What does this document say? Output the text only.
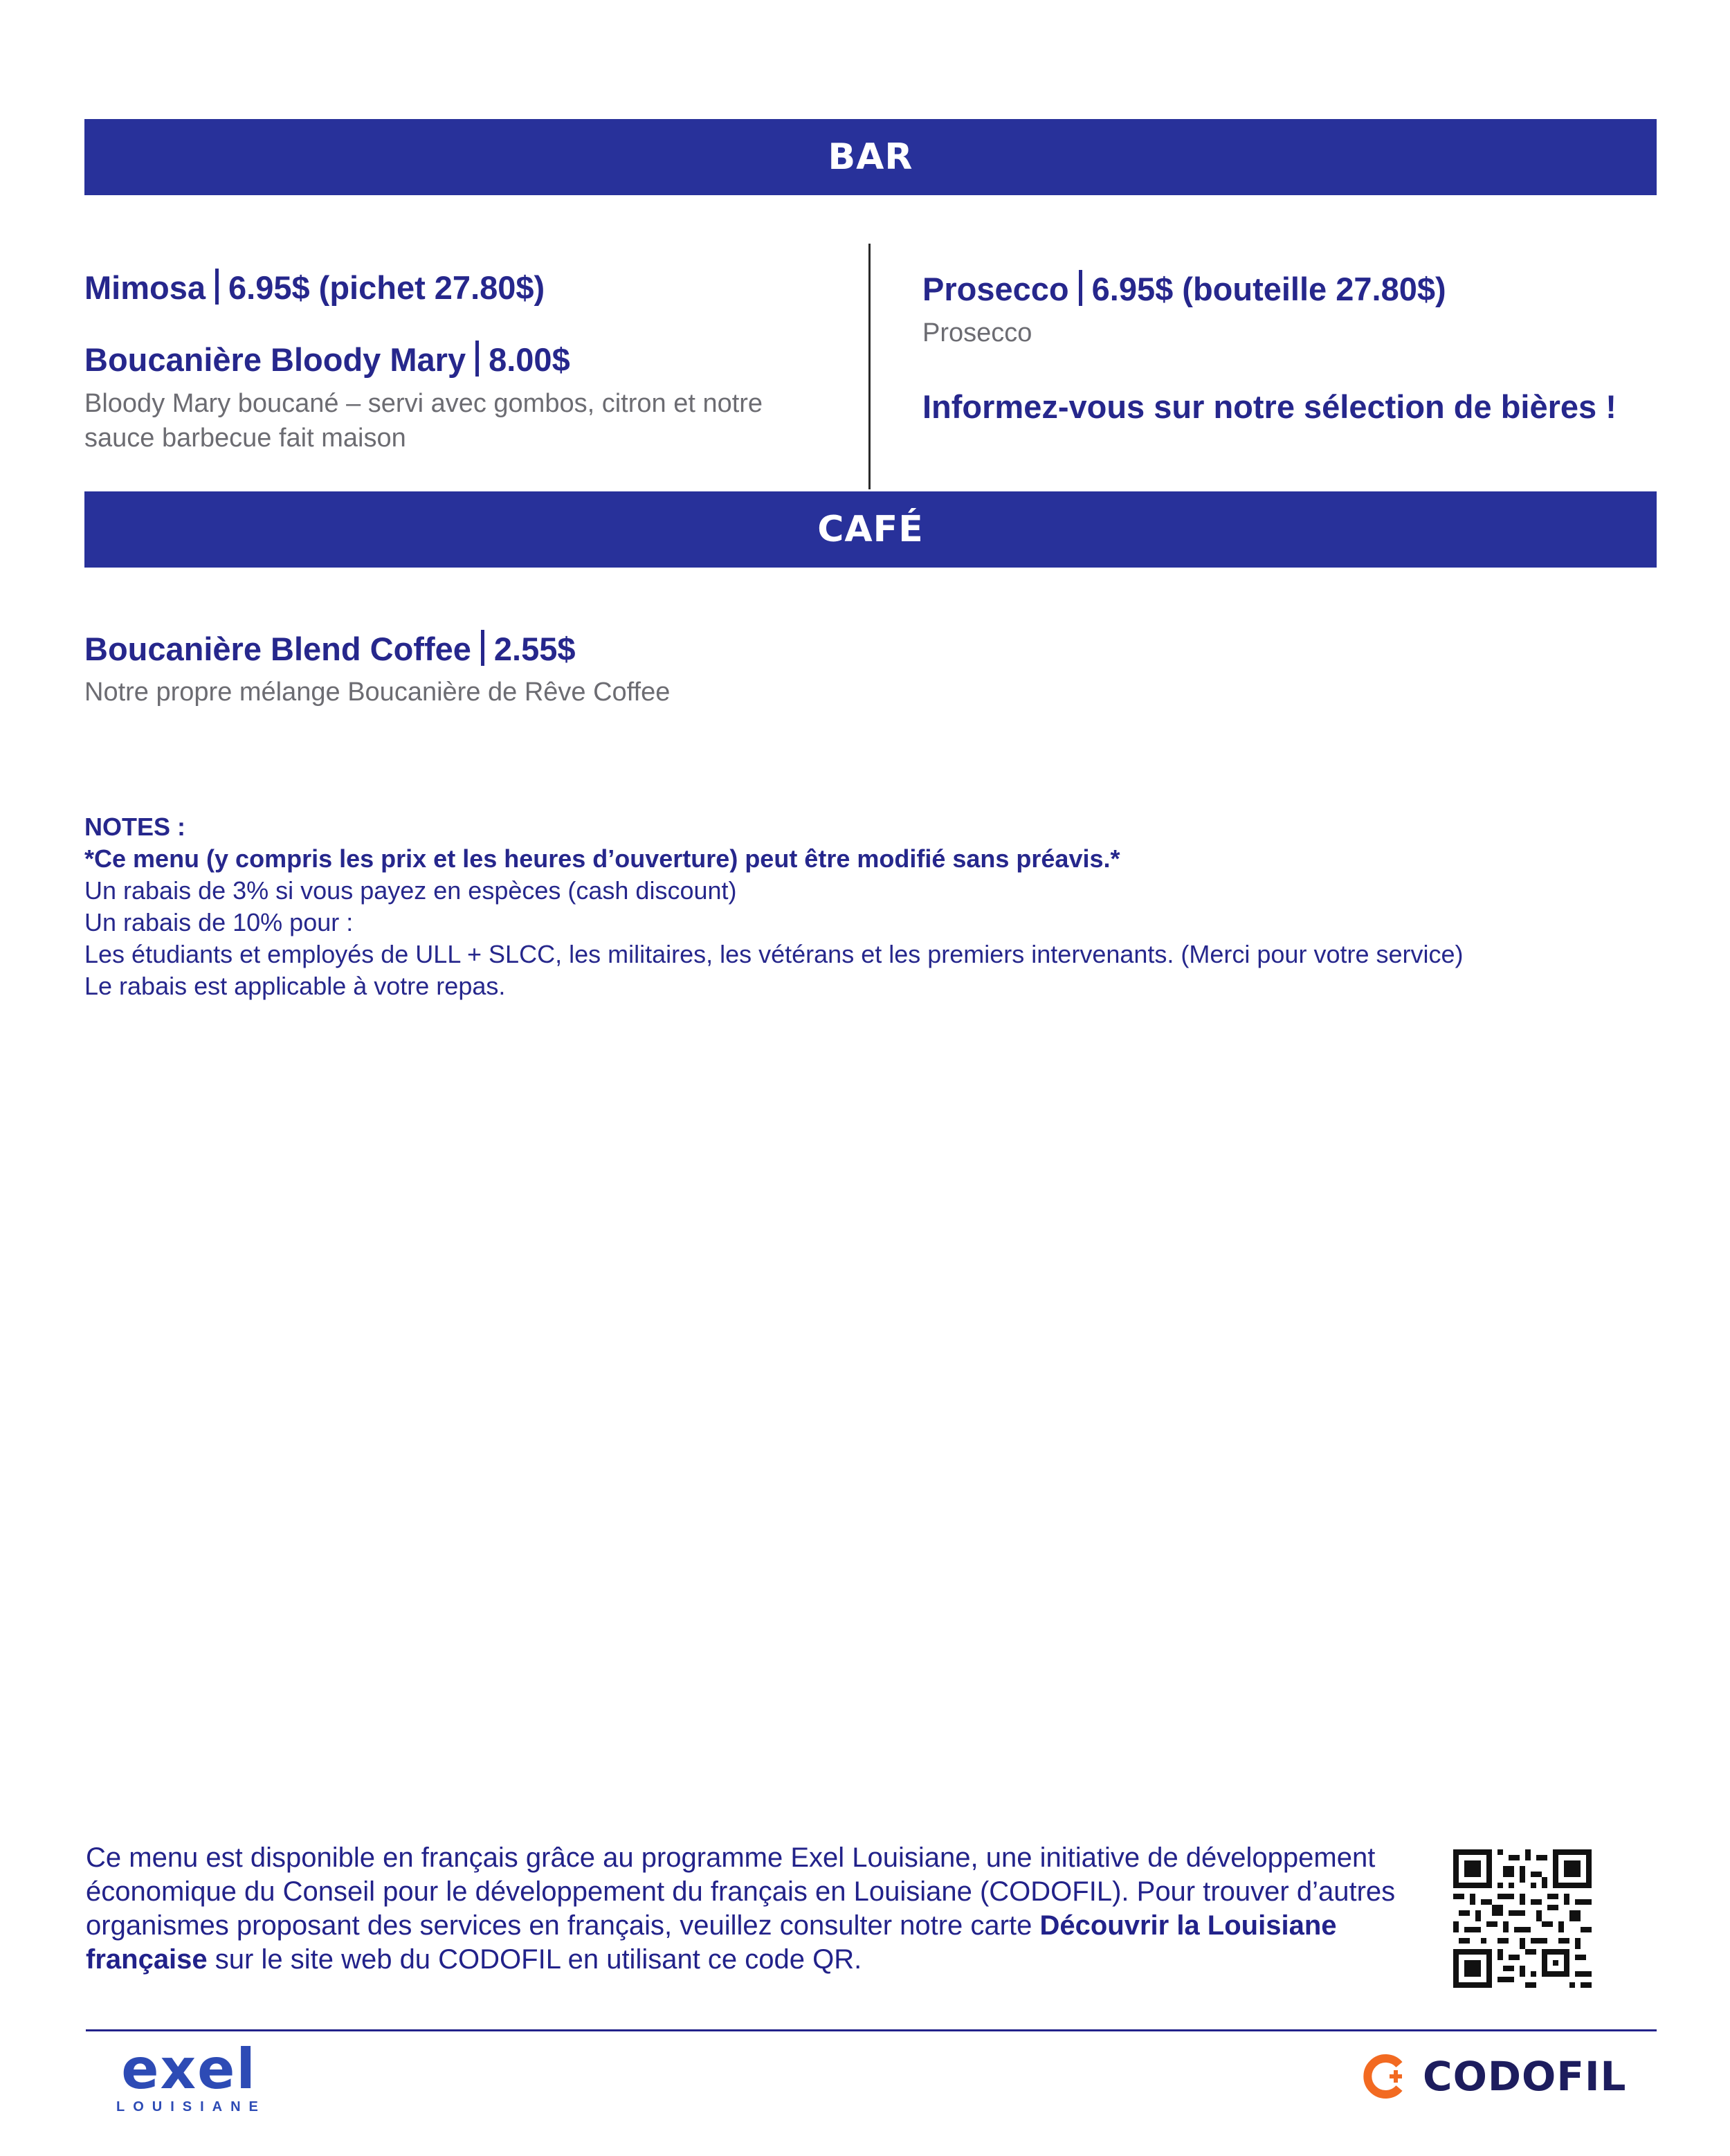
BAR
Mimosa 6.95$ (pichet 27.80$)
Boucanière Bloody Mary 8.00$
Bloody Mary boucané – servi avec gombos, citron et notre sauce barbecue fait maison
Prosecco 6.95$ (bouteille 27.80$)
Prosecco
Informez-vous sur notre sélection de bières !
CAFÉ
Boucanière Blend Coffee 2.55$
Notre propre mélange Boucanière de Rêve Coffee
NOTES :
*Ce menu (y compris les prix et les heures d’ouverture) peut être modifié sans préavis.*
Un rabais de 3% si vous payez en espèces (cash discount)
Un rabais de 10% pour :
Les étudiants et employés de ULL + SLCC, les militaires, les vétérans et les premiers intervenants. (Merci pour votre service)
Le rabais est applicable à votre repas.
Ce menu est disponible en français grâce au programme Exel Louisiane, une initiative de développement économique du Conseil pour le développement du français en Louisiane (CODOFIL). Pour trouver d’autres organismes proposant des services en français, veuillez consulter notre carte Découvrir la Louisiane française sur le site web du CODOFIL en utilisant ce code QR.
exel
LOUISIANE
CODOFIL
